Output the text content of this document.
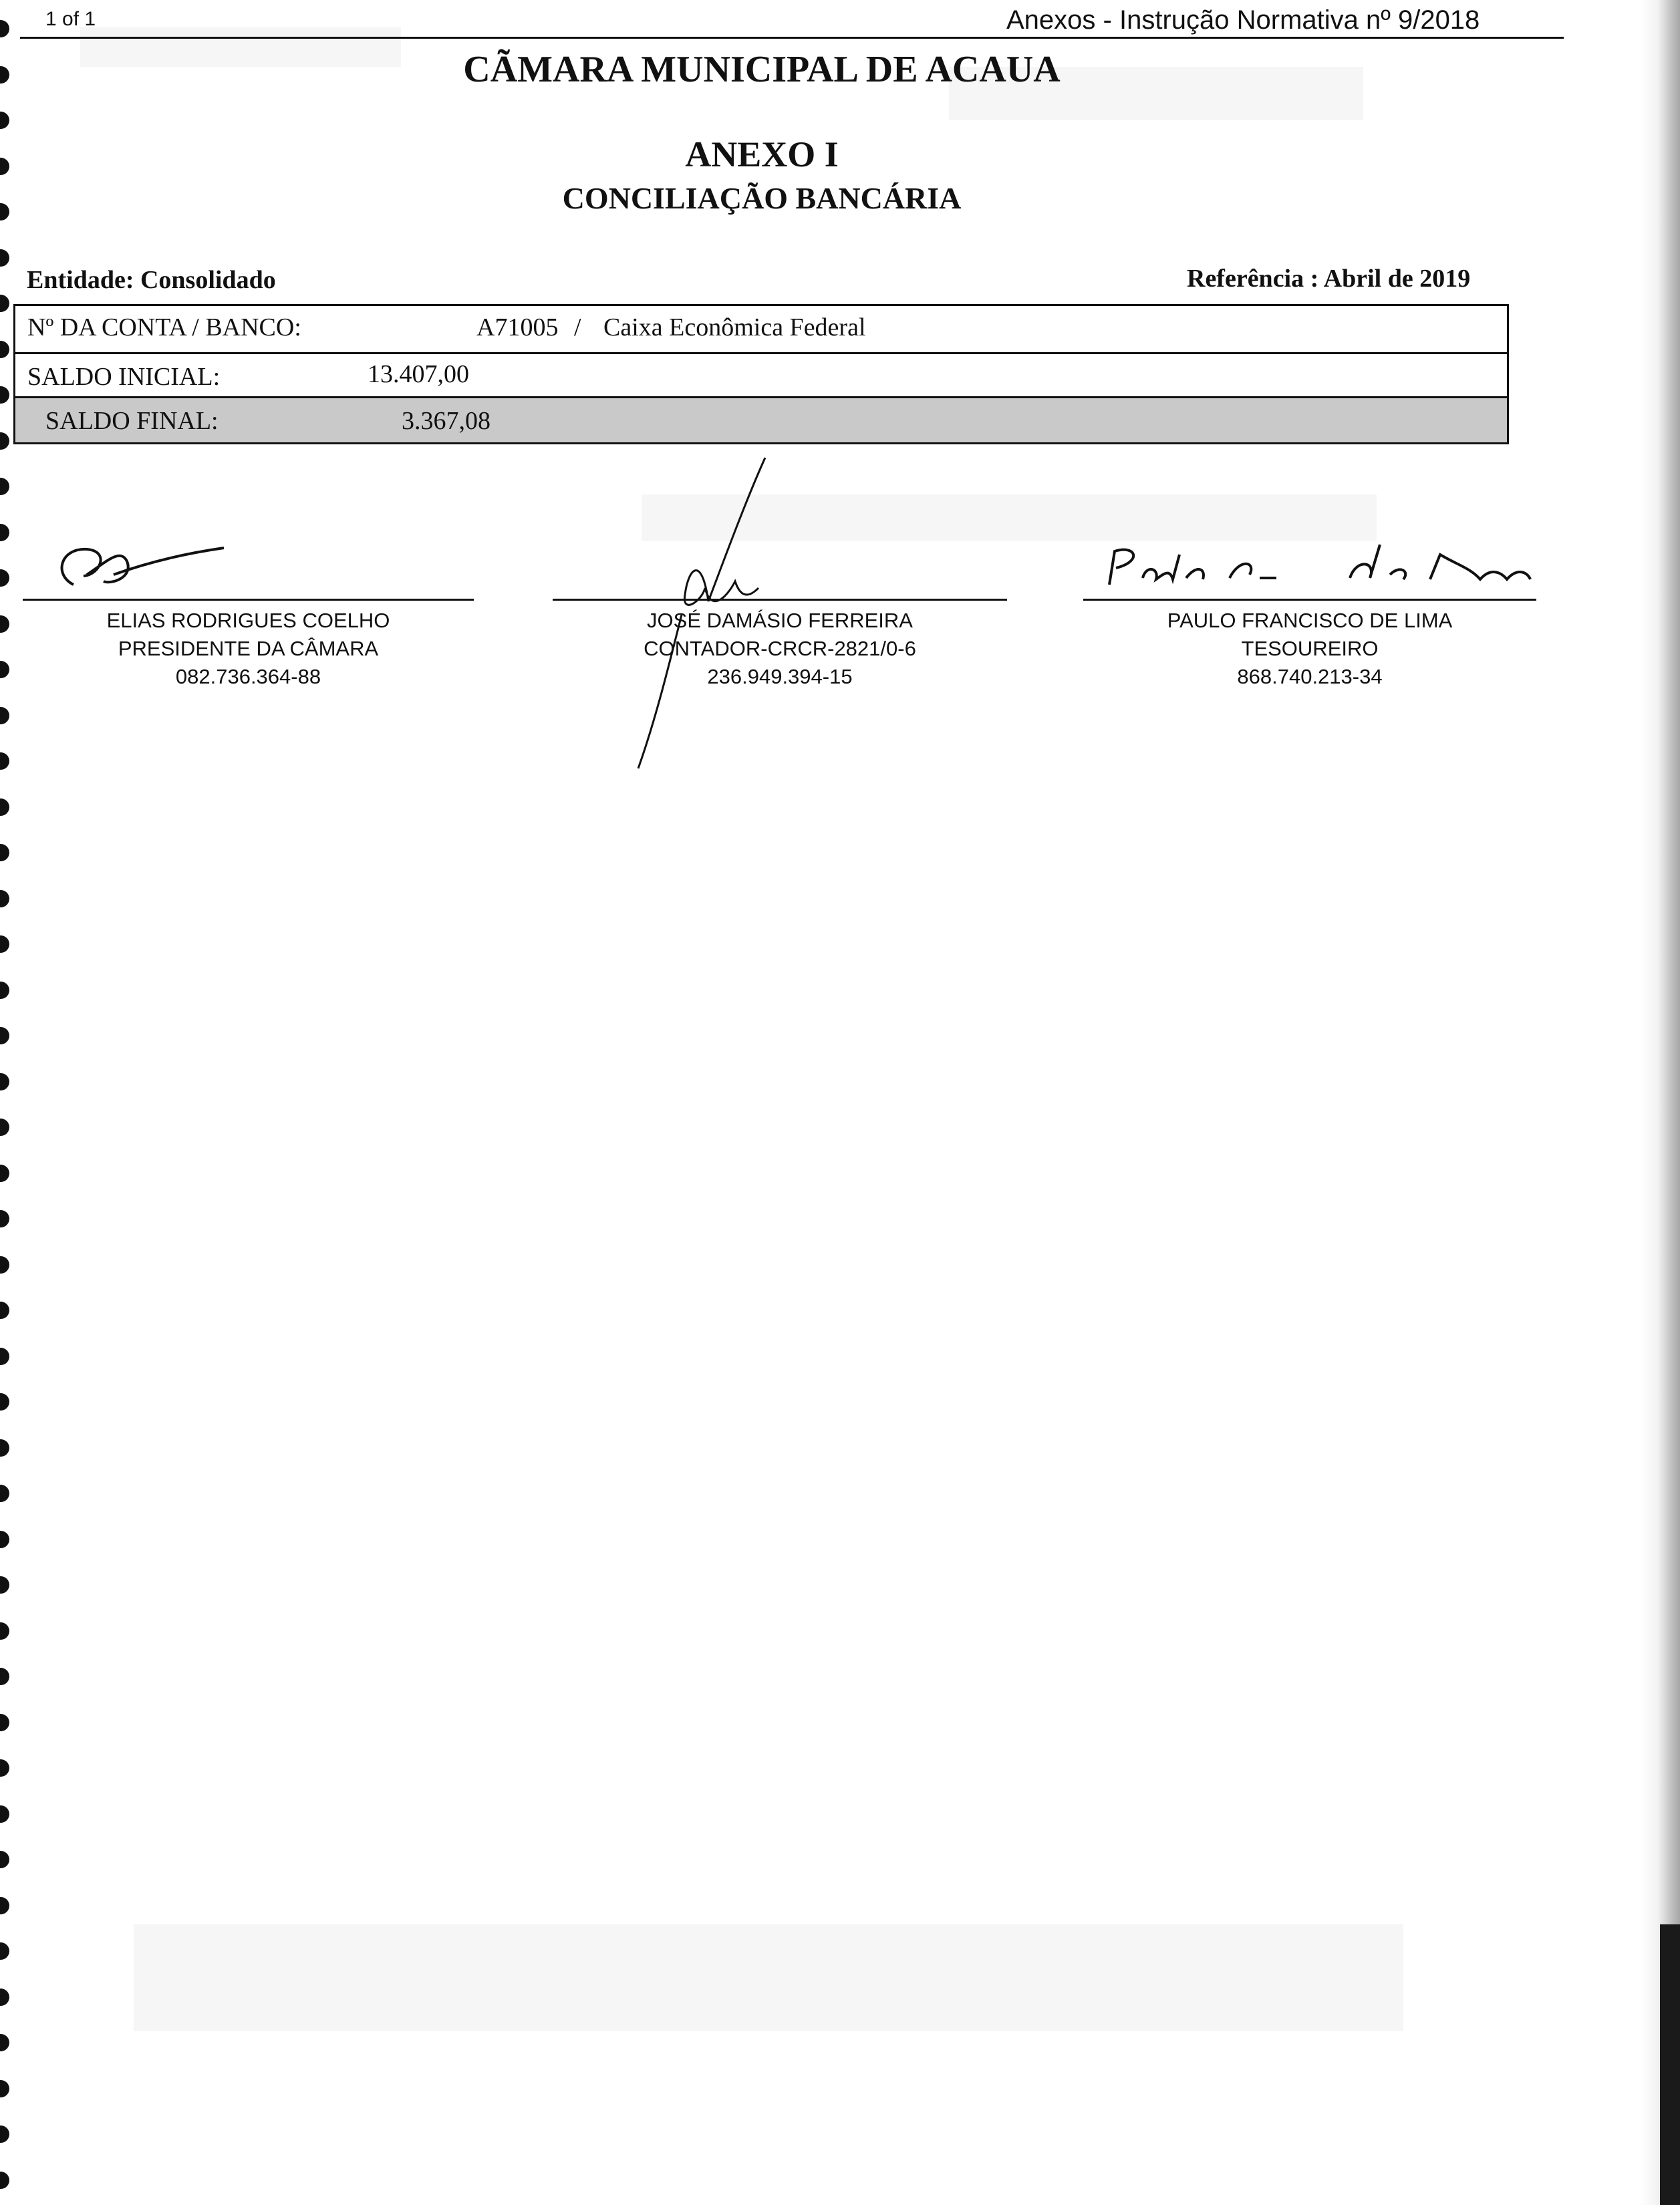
1 of 1	Anexos - Instrução Normativa nº 9/2018
CÃMARA MUNICIPAL DE ACAUA
ANEXO I
CONCILIAÇÃO BANCÁRIA
Entidade: Consolidado	Referência : Abril de 2019
Nº DA CONTA / BANCO:	A71005 / Caixa Econômica Federal
SALDO INICIAL:	13.407,00
SALDO FINAL:	3.367,08
ELIAS RODRIGUES COELHO
PRESIDENTE DA CÂMARA
082.736.364-88
JOSÉ DAMÁSIO FERREIRA
CONTADOR-CRCR-2821/0-6
236.949.394-15
PAULO FRANCISCO DE LIMA
TESOUREIRO
868.740.213-34
